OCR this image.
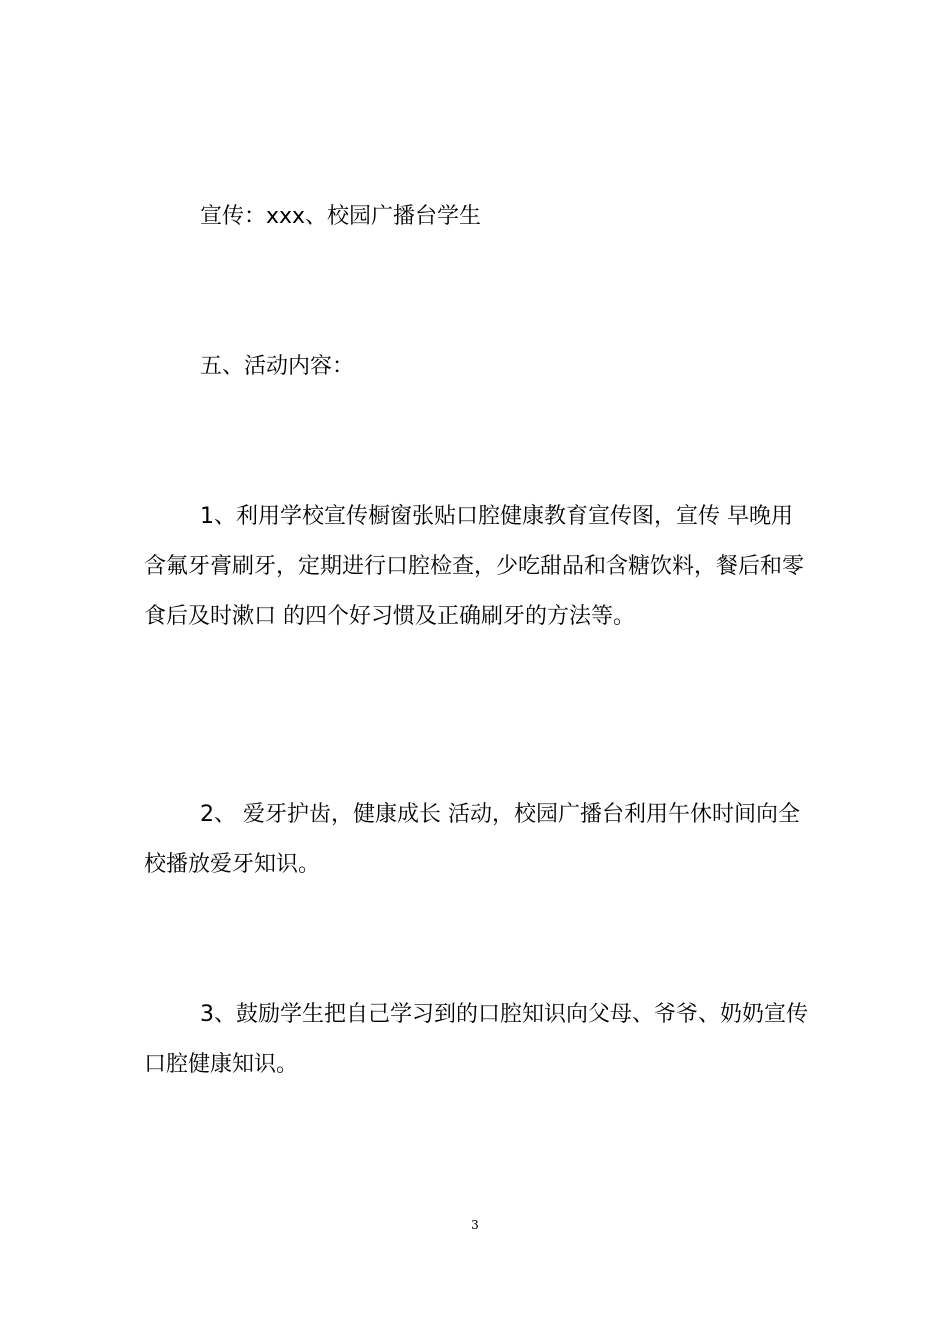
宣传：xxx、校园广播台学生
五、活动内容：
1、利用学校宣传橱窗张贴口腔健康教育宣传图，宣传 早晚用
含氟牙膏刷牙，定期进行口腔检查，少吃甜品和含糖饮料，餐后和零
食后及时漱口 的四个好习惯及正确刷牙的方法等。
2、 爱牙护齿，健康成长 活动，校园广播台利用午休时间向全
校播放爱牙知识。
3、鼓励学生把自己学习到的口腔知识向父母、爷爷、奶奶宣传
口腔健康知识。
3
